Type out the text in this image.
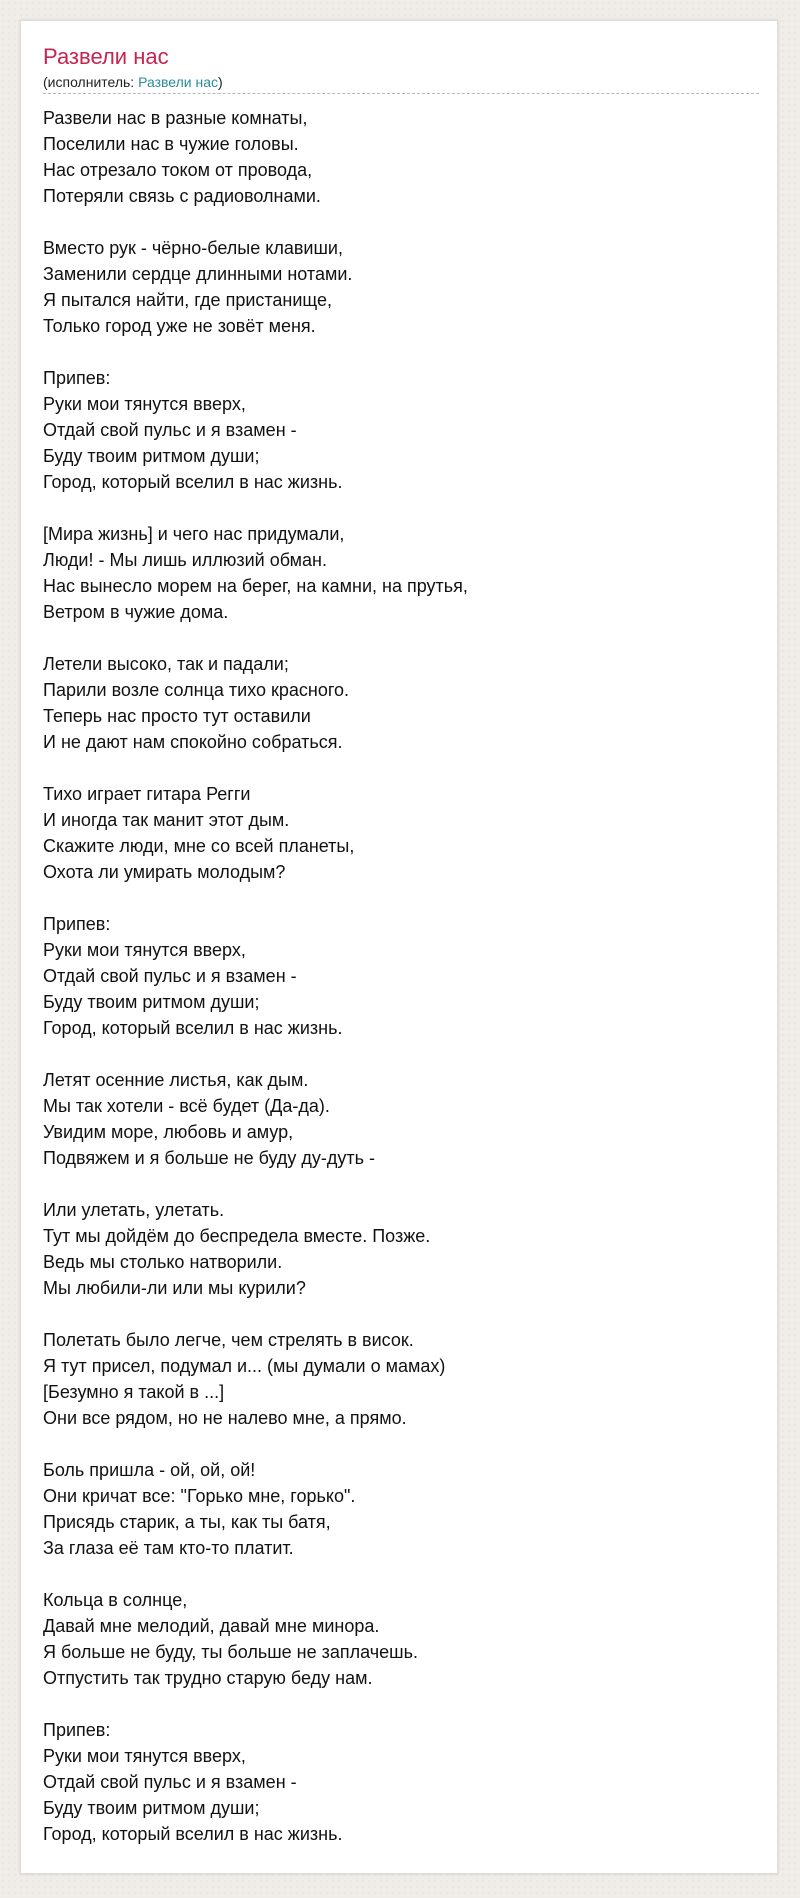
Развели нас
(исполнитель: Развели нас)
Развели нас в разные комнаты,
Поселили нас в чужие головы.
Нас отрезало током от провода,
Потеряли связь с радиоволнами.
Вместо рук - чёрно-белые клавиши,
Заменили сердце длинными нотами.
Я пытался найти, где пристанище,
Только город уже не зовёт меня.
Припев:
Руки мои тянутся вверх,
Отдай свой пульс и я взамен -
Буду твоим ритмом души;
Город, который вселил в нас жизнь.
[Мира жизнь] и чего нас придумали,
Люди! - Мы лишь иллюзий обман.
Нас вынесло морем на берег, на камни, на прутья,
Ветром в чужие дома.
Летели высоко, так и падали;
Парили возле солнца тихо красного.
Теперь нас просто тут оставили
И не дают нам спокойно собраться.
Тихо играет гитара Регги
И иногда так манит этот дым.
Скажите люди, мне со всей планеты,
Охота ли умирать молодым?
Припев:
Руки мои тянутся вверх,
Отдай свой пульс и я взамен -
Буду твоим ритмом души;
Город, который вселил в нас жизнь.
Летят осенние листья, как дым.
Мы так хотели - всё будет (Да-да).
Увидим море, любовь и амур,
Подвяжем и я больше не буду ду-дуть -
Или улетать, улетать.
Тут мы дойдём до беспредела вместе. Позже.
Ведь мы столько натворили.
Мы любили-ли или мы курили?
Полетать было легче, чем стрелять в висок.
Я тут присел, подумал и... (мы думали о мамах)
[Безумно я такой в ...]
Они все рядом, но не налево мне, а прямо.
Боль пришла - ой, ой, ой!
Они кричат все: "Горько мне, горько".
Присядь старик, а ты, как ты батя,
За глаза её там кто-то платит.
Кольца в солнце,
Давай мне мелодий, давай мне минора.
Я больше не буду, ты больше не заплачешь.
Отпустить так трудно старую беду нам.
Припев:
Руки мои тянутся вверх,
Отдай свой пульс и я взамен -
Буду твоим ритмом души;
Город, который вселил в нас жизнь.
